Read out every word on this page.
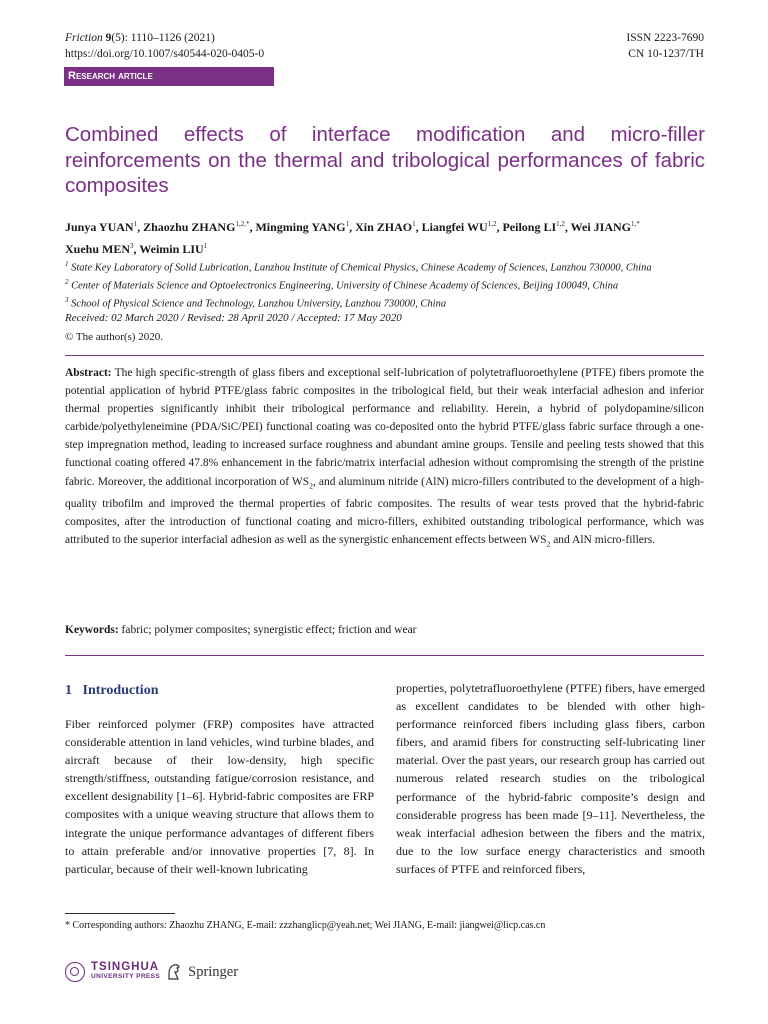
Friction 9(5): 1110–1126 (2021)
https://doi.org/10.1007/s40544-020-0405-0
ISSN 2223-7690
CN 10-1237/TH
Research article
Combined effects of interface modification and micro-filler reinforcements on the thermal and tribological performances of fabric composites
Junya YUAN$^1$, Zhaozhu $ZHANG^{1,2,*}$, Mingming YANG$^1$, Xin ZHAO$^1$, Liangfei WU$^{1,2}$, Peilong LI$^{1,2}$, Wei $JIANG^{1,*}$
Xuehu MEN$^3$, Weimin LIU$^1$
$^1$ State Key Laboratory of Solid Lubrication, Lanzhou Institute of Chemical Physics, Chinese Academy of Sciences, Lanzhou 730000, China
$^2$ Center of Materials Science and Optoelectronics Engineering, University of Chinese Academy of Sciences, Beijing 100049, China
$^3$ School of Physical Science and Technology, Lanzhou University, Lanzhou 730000, China
Received: 02 March 2020 / Revised: 28 April 2020 / Accepted: 17 May 2020
© The author(s) 2020.
Abstract: The high specific-strength of glass fibers and exceptional self-lubrication of polytetrafluoroethylene (PTFE) fibers promote the potential application of hybrid PTFE/glass fabric composites in the tribological field, but their weak interfacial adhesion and inferior thermal properties significantly inhibit their tribological performance and reliability. Herein, a hybrid of polydopamine/silicon carbide/polyethyleneimine (PDA/SiC/PEI) functional coating was co-deposited onto the hybrid PTFE/glass fabric surface through a one-step impregnation method, leading to increased surface roughness and abundant amine groups. Tensile and peeling tests showed that this functional coating offered 47.8% enhancement in the fabric/matrix interfacial adhesion without compromising the strength of the pristine fabric. Moreover, the additional incorporation of $WS_2$, and aluminum nitride (AlN) micro-fillers contributed to the development of a high-quality tribofilm and improved the thermal properties of fabric composites. The results of wear tests proved that the hybrid-fabric composites, after the introduction of functional coating and micro-fillers, exhibited outstanding tribological performance, which was attributed to the superior interfacial adhesion as well as the synergistic enhancement effects between $WS_2$ and AlN micro-fillers.
Keywords: fabric; polymer composites; synergistic effect; friction and wear
1 Introduction
Fiber reinforced polymer (FRP) composites have attracted considerable attention in land vehicles, wind turbine blades, and aircraft because of their low-density, high specific strength/stiffness, outstanding fatigue/corrosion resistance, and excellent designability [1–6]. Hybrid-fabric composites are FRP composites with a unique weaving structure that allows them to integrate the unique performance advantages of different fibers to attain preferable and/or innovative properties [7, 8]. In particular, because of their well-known lubricating
properties, polytetrafluoroethylene (PTFE) fibers, have emerged as excellent candidates to be blended with other high-performance reinforced fibers including glass fibers, carbon fibers, and aramid fibers for constructing self-lubricating liner material. Over the past years, our research group has carried out numerous related research studies on the tribological performance of the hybrid-fabric composite’s design and considerable progress has been made [9–11]. Nevertheless, the weak interfacial adhesion between the fibers and the matrix, due to the low surface energy characteristics and smooth surfaces of PTFE and reinforced fibers,
* Corresponding authors: Zhaozhu ZHANG, E-mail: zzzhanglicp@yeah.net; Wei JIANG, E-mail: jiangwei@licp.cas.cn
TSINGHUA
UNIVERSITY PRESS Springer
